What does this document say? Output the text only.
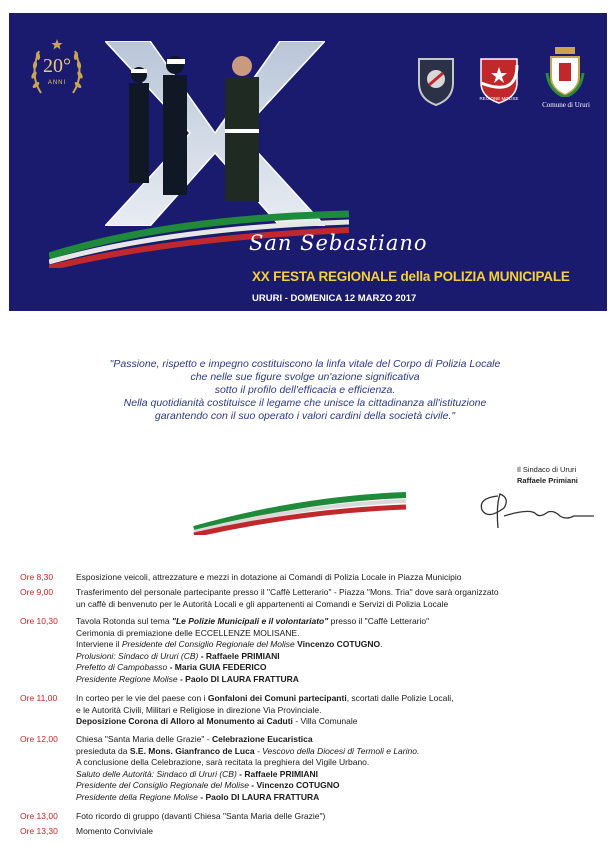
20°
ANNI
San Sebastiano
XX FESTA REGIONALE della POLIZIA MUNICIPALE
URURI - DOMENICA 12 MARZO 2017
REGIONE MOLISE
Comune di Ururi
"Passione, rispetto e impegno costituiscono la linfa vitale del Corpo di Polizia Locale
che nelle sue figure svolge un'azione significativa
sotto il profilo dell'efficacia e efficienza.
Nella quotidianità costituisce il legame che unisce la cittadinanza all'istituzione
garantendo con il suo operato i valori cardini della società civile."
Il Sindaco di Ururi
Raffaele Primiani
Ore 8,30	Esposizione veicoli, attrezzature e mezzi in dotazione ai Comandi di Polizia Locale in Piazza Municipio
Ore 9,00	Trasferimento del personale partecipante presso il "Caffè Letterario" - Piazza "Mons. Tria" dove sarà organizzato
un caffè di benvenuto per le Autorità Locali e gli appartenenti ai Comandi e Servizi di Polizia Locale
Ore 10,30 Tavola Rotonda sul tema "Le Polizie Municipali e il volontariato" presso il "Caffè Letterario"
Cerimonia di premiazione delle ECCELLENZE MOLISANE.
Interviene il Presidente del Consiglio Regionale del Molise Vincenzo COTUGNO.
Prolusioni: Sindaco di Ururi (CB) - Raffaele PRIMIANI
Prefetto di Campobasso - Maria GUIA FEDERICO
Presidente Regione Molise - Paolo DI LAURA FRATTURA
Ore 11,00 In corteo per le vie del paese con i Gonfaloni dei Comuni partecipanti, scortati dalle Polizie Locali,
e le Autorità Civili, Militari e Religiose in direzione Via Provinciale.
Deposizione Corona di Alloro al Monumento ai Caduti - Villa Comunale
Ore 12,00 Chiesa "Santa Maria delle Grazie" - Celebrazione Eucaristica
presieduta da S.E. Mons. Gianfranco de Luca - Vescovo della Diocesi di Termoli e Larino.
A conclusione della Celebrazione, sarà recitata la preghiera del Vigile Urbano.
Saluto delle Autorità: Sindaco di Ururi (CB) - Raffaele PRIMIANI
Presidente del Consiglio Regionale del Molise - Vincenzo COTUGNO
Presidente della Regione Molise - Paolo DI LAURA FRATTURA
Ore 13,00 Foto ricordo di gruppo (davanti Chiesa "Santa Maria delle Grazie")
Ore 13,30 Momento Conviviale
